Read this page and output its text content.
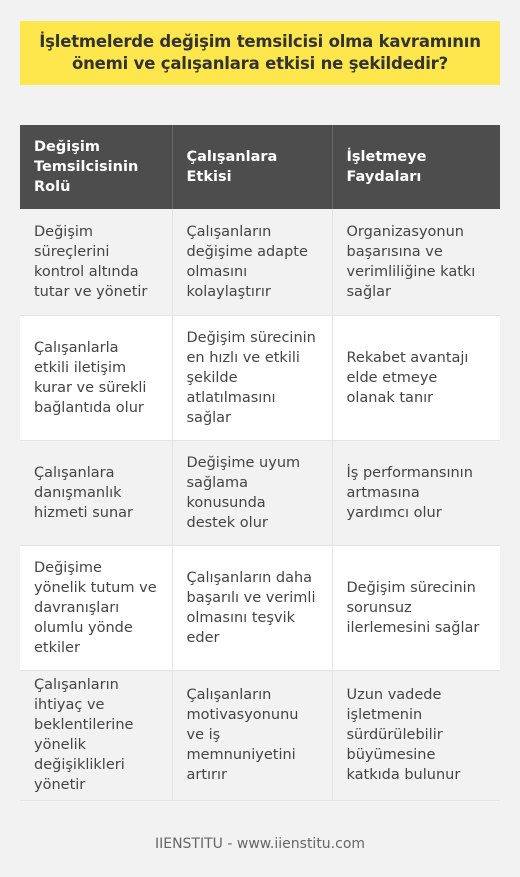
İşletmelerde değişim temsilcisi olma kavramının önemi ve çalışanlara etkisi ne şekildedir?
Değişim Temsilcisinin Rolü	Çalışanlara Etkisi	İşletmeye Faydaları
Değişim süreçlerini kontrol altında tutar ve yönetir	Çalışanların değişime adapte olmasını kolaylaştırır	Organizasyonun başarısına ve verimliliğine katkı sağlar
Çalışanlarla etkili iletişim kurar ve sürekli bağlantıda olur	Değişim sürecinin en hızlı ve etkili şekilde atlatılmasını sağlar	Rekabet avantajı elde etmeye olanak tanır
Çalışanlara danışmanlık hizmeti sunar	Değişime uyum sağlama konusunda destek olur	İş performansının artmasına yardımcı olur
Değişime yönelik tutum ve davranışları olumlu yönde etkiler	Çalışanların daha başarılı ve verimli olmasını teşvik eder	Değişim sürecinin sorunsuz ilerlemesini sağlar
Çalışanların ihtiyaç ve beklentilerine yönelik değişiklikleri yönetir	Çalışanların motivasyonunu ve iş memnuniyetini artırır	Uzun vadede işletmenin sürdürülebilir büyümesine katkıda bulunur
IIENSTITU - www.iienstitu.com
